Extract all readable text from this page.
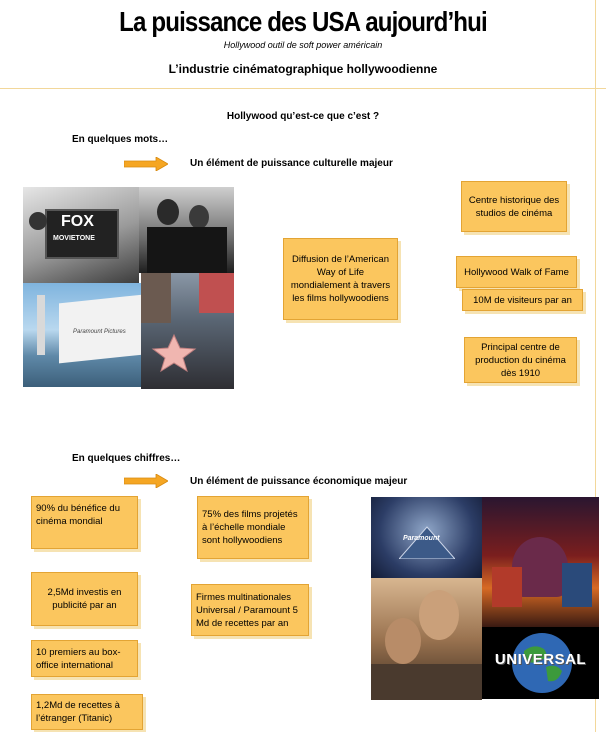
La puissance des USA aujourd’hui
Hollywood outil de soft power américain
L’industrie cinématographique hollywoodienne
Hollywood qu’est-ce que c’est ?
En quelques mots…
Un élément de puissance culturelle majeur
FOX
MOVIETONE
Paramount Pictures
Diffusion de l’American Way of Life mondialement à travers les films hollywoodiens
Centre historique des studios de cinéma
Hollywood Walk of Fame
10M de visiteurs par an
Principal centre de production du cinéma dès 1910
En quelques chiffres…
Un élément de puissance économique majeur
90% du bénéfice du cinéma mondial
75% des films projetés à l’échelle mondiale sont hollywoodiens
2,5Md investis en publicité par an
Firmes multinationales Universal / Paramount 5 Md de recettes par an
10 premiers au box-office international
1,2Md de recettes à l’étranger (Titanic)
Paramount
UNIVERSAL
